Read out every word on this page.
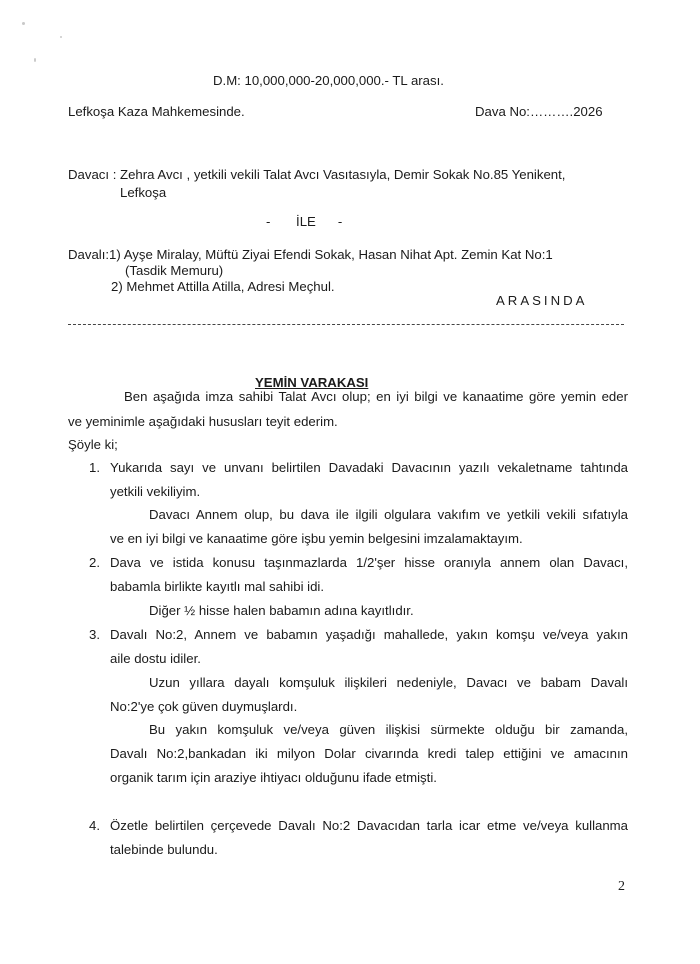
D.M: 10,000,000-20,000,000.- TL arası.

Lefkoşa Kaza Mahkemesinde.	Dava No:……….2026

Davacı : Zehra Avcı , yetkili vekili Talat Avcı Vasıtasıyla, Demir Sokak No.85 Yenikent,

Lefkoşa

-       İLE      -

Davalı:1) Ayşe Miralay, Müftü Ziyai Efendi Sokak, Hasan Nihat Apt. Zemin Kat No:1

(Tasdik Memuru)

2) Mehmet Attilla Atilla, Adresi Meçhul.

ARASINDA

YEMİN VARAKASI

Ben aşağıda imza sahibi Talat Avcı olup; en iyi bilgi ve kanaatime göre yemin eder

ve yeminimle aşağıdaki hususları teyit ederim.

Şöyle ki;

1. Yukarıda sayı ve unvanı belirtilen Davadaki Davacının yazılı vekaletname tahtında

yetkili vekiliyim.

Davacı Annem olup, bu dava ile ilgili olgulara vakıfım ve yetkili vekili sıfatıyla

ve en iyi bilgi ve kanaatime göre işbu yemin belgesini imzalamaktayım.

2. Dava ve istida konusu taşınmazlarda 1/2'şer hisse oranıyla annem olan Davacı,

babamla birlikte kayıtlı mal sahibi idi.

Diğer ½ hisse halen babamın adına kayıtlıdır.

3. Davalı No:2, Annem ve babamın yaşadığı mahallede, yakın komşu ve/veya yakın

aile dostu idiler.

Uzun yıllara dayalı komşuluk ilişkileri nedeniyle, Davacı ve babam Davalı

No:2'ye çok güven duymuşlardı.

Bu yakın komşuluk ve/veya güven ilişkisi sürmekte olduğu bir zamanda,

Davalı No:2,bankadan iki milyon Dolar civarında kredi talep ettiğini ve amacının

organik tarım için araziye ihtiyacı olduğunu ifade etmişti.

4. Özetle belirtilen çerçevede Davalı No:2 Davacıdan tarla icar etme ve/veya kullanma

talebinde bulundu.

2
